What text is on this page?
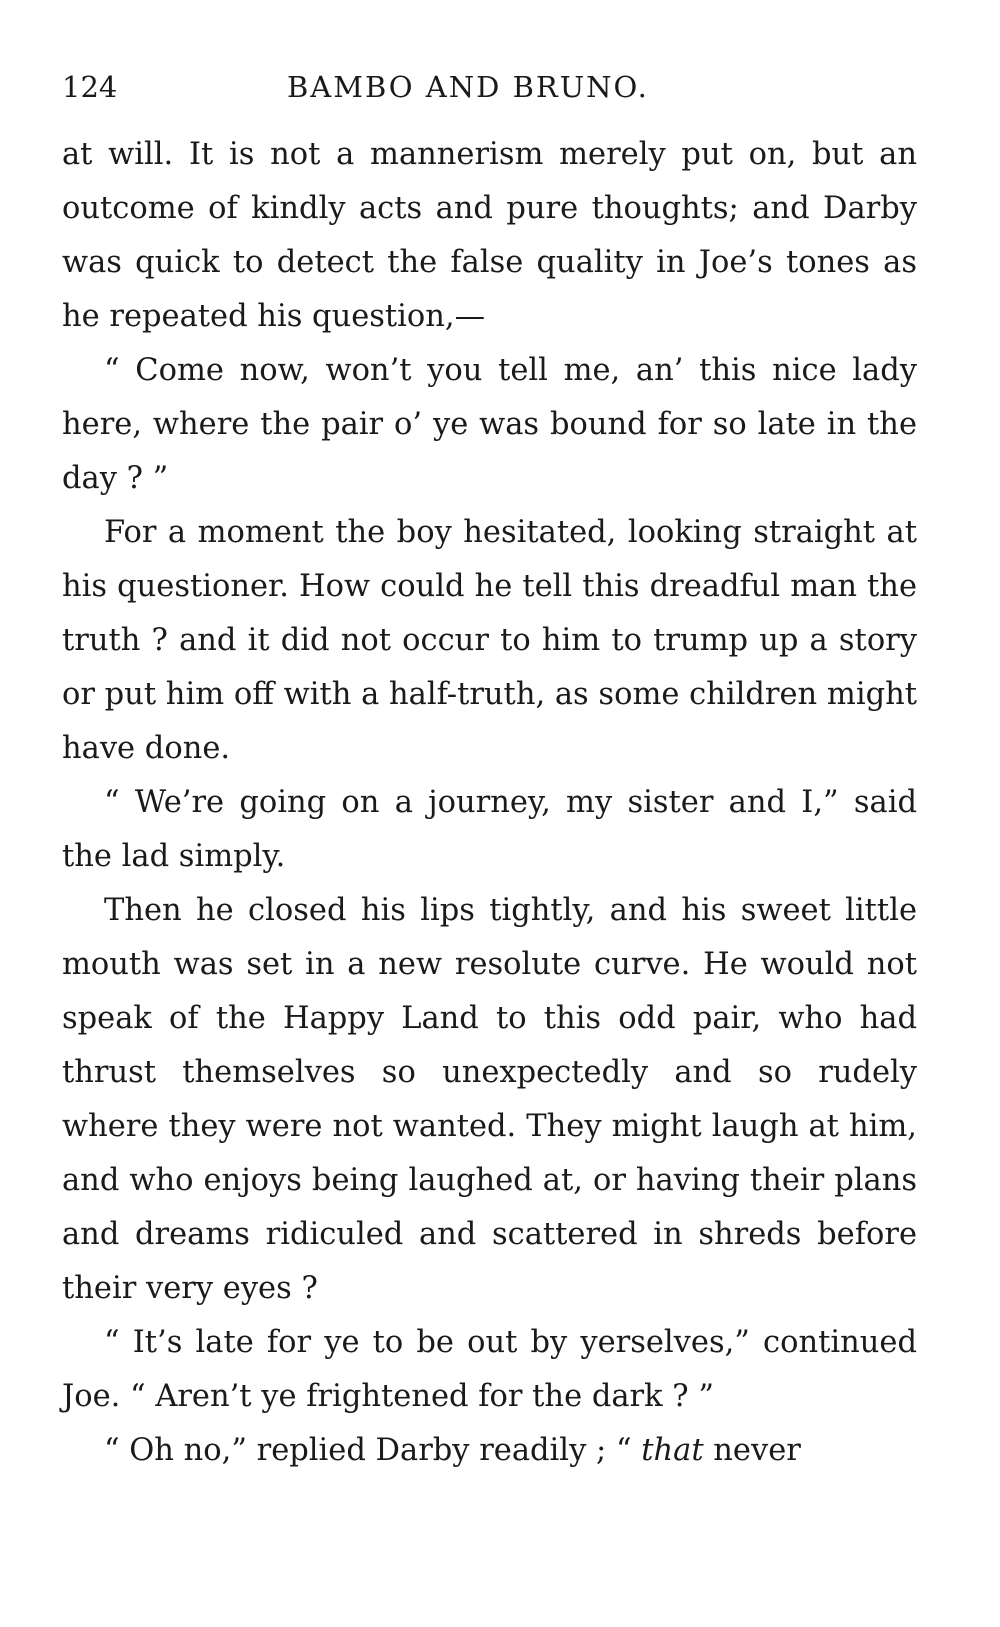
124	BAMBO AND BRUNO.

at will. It is not a mannerism merely put on, but an outcome of kindly acts and pure thoughts; and Darby was quick to detect the false quality in Joe’s tones as he repeated his question,—

“ Come now, won’t you tell me, an’ this nice lady here, where the pair o’ ye was bound for so late in the day ? ”

For a moment the boy hesitated, looking straight at his questioner. How could he tell this dreadful man the truth ? and it did not occur to him to trump up a story or put him off with a half-truth, as some children might have done.

“ We’re going on a journey, my sister and I,” said the lad simply.

Then he closed his lips tightly, and his sweet little mouth was set in a new resolute curve. He would not speak of the Happy Land to this odd pair, who had thrust themselves so unexpectedly and so rudely where they were not wanted. They might laugh at him, and who enjoys being laughed at, or having their plans and dreams ridiculed and scattered in shreds before their very eyes ?

“ It’s late for ye to be out by yerselves,” continued Joe. “ Aren’t ye frightened for the dark ? ”

“ Oh no,” replied Darby readily ; “ that never
